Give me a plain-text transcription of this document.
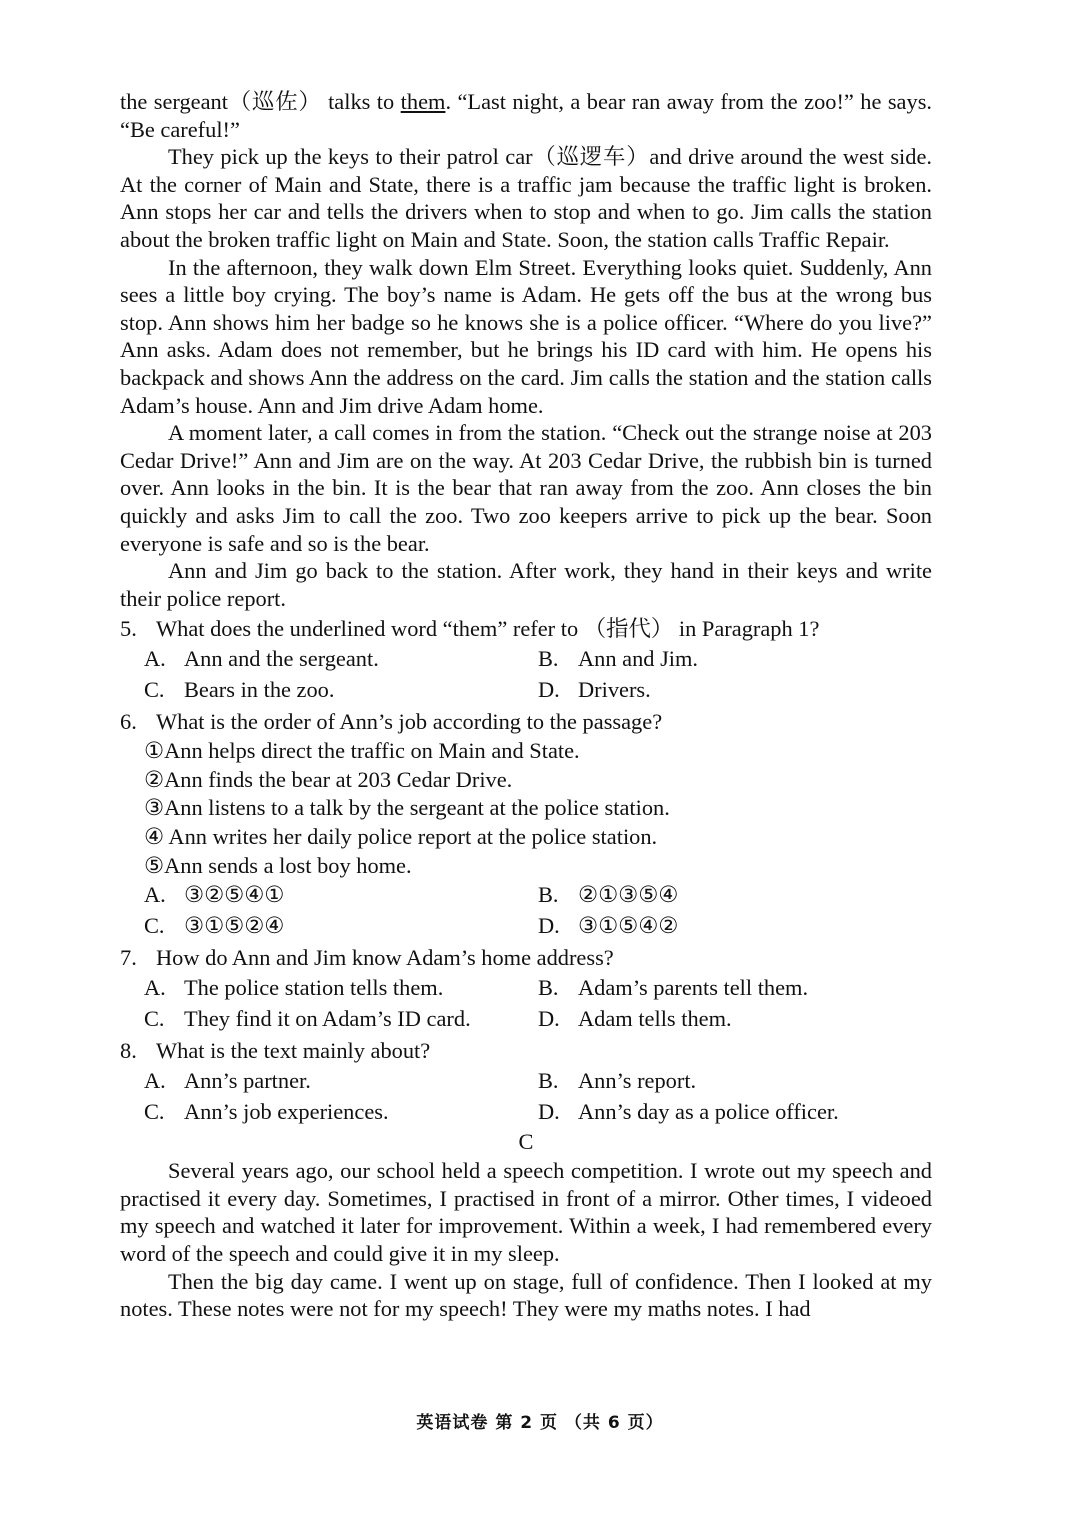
the sergeant（巡佐） talks to them. “Last night, a bear ran away from the zoo!” he says. “Be careful!”

They pick up the keys to their patrol car（巡逻车）and drive around the west side. At the corner of Main and State, there is a traffic jam because the traffic light is broken. Ann stops her car and tells the drivers when to stop and when to go. Jim calls the station about the broken traffic light on Main and State. Soon, the station calls Traffic Repair.

In the afternoon, they walk down Elm Street. Everything looks quiet. Suddenly, Ann sees a little boy crying. The boy’s name is Adam. He gets off the bus at the wrong bus stop. Ann shows him her badge so he knows she is a police officer. “Where do you live?” Ann asks. Adam does not remember, but he brings his ID card with him. He opens his backpack and shows Ann the address on the card. Jim calls the station and the station calls Adam’s house. Ann and Jim drive Adam home.

A moment later, a call comes in from the station. “Check out the strange noise at 203 Cedar Drive!” Ann and Jim are on the way. At 203 Cedar Drive, the rubbish bin is turned over. Ann looks in the bin. It is the bear that ran away from the zoo. Ann closes the bin quickly and asks Jim to call the zoo. Two zoo keepers arrive to pick up the bear. Soon everyone is safe and so is the bear.

Ann and Jim go back to the station. After work, they hand in their keys and write their police report.

5. What does the underlined word “them” refer to （指代） in Paragraph 1?
A. Ann and the sergeant.	B. Ann and Jim.
C. Bears in the zoo.	D. Drivers.
6. What is the order of Ann’s job according to the passage?
①Ann helps direct the traffic on Main and State.
②Ann finds the bear at 203 Cedar Drive.
③Ann listens to a talk by the sergeant at the police station.
④ Ann writes her daily police report at the police station.
⑤Ann sends a lost boy home.
A. ③②⑤④①	B. ②①③⑤④
C. ③①⑤②④	D. ③①⑤④②
7. How do Ann and Jim know Adam’s home address?
A. The police station tells them.	B. Adam’s parents tell them.
C. They find it on Adam’s ID card.	D. Adam tells them.
8. What is the text mainly about?
A. Ann’s partner.	B. Ann’s report.
C. Ann’s job experiences.	D. Ann’s day as a police officer.

C

Several years ago, our school held a speech competition. I wrote out my speech and practised it every day. Sometimes, I practised in front of a mirror. Other times, I videoed my speech and watched it later for improvement. Within a week, I had remembered every word of the speech and could give it in my sleep.

Then the big day came. I went up on stage, full of confidence. Then I looked at my notes. These notes were not for my speech! They were my maths notes. I had

英语试卷 第 2 页 （共 6 页）
